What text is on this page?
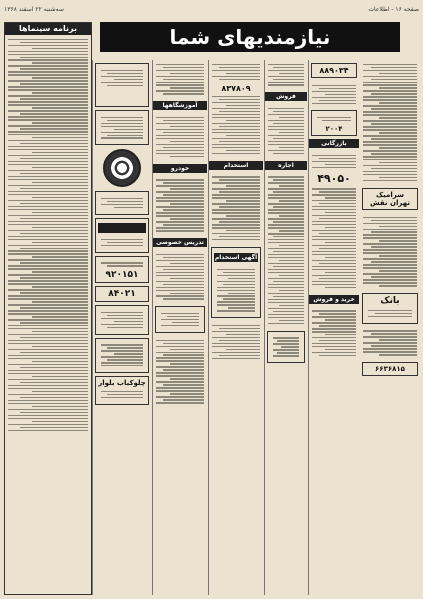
صفحه ۱۶ - اطلاعات
سه‌شنبه ۲۲ اسفند ۱۳۶۸
نیازمندیهای شما
برنامه سینماها
۹۲۰۱۵۱
۸۴۰۲۱
چلوکباب بلوار
آموزشگاهها
خودرو
تدریس خصوصی
۸۳۷۸۰۹
استخدام
آگهی استخدام
فروش
اجاره
۸۸۹۰۳۴
۲۰۰۴
بازرگانی
۴۹۰۵۰
خرید و فروش
سرامیک تهران نقش
بانک
۶۶۳۶۸۱۵
